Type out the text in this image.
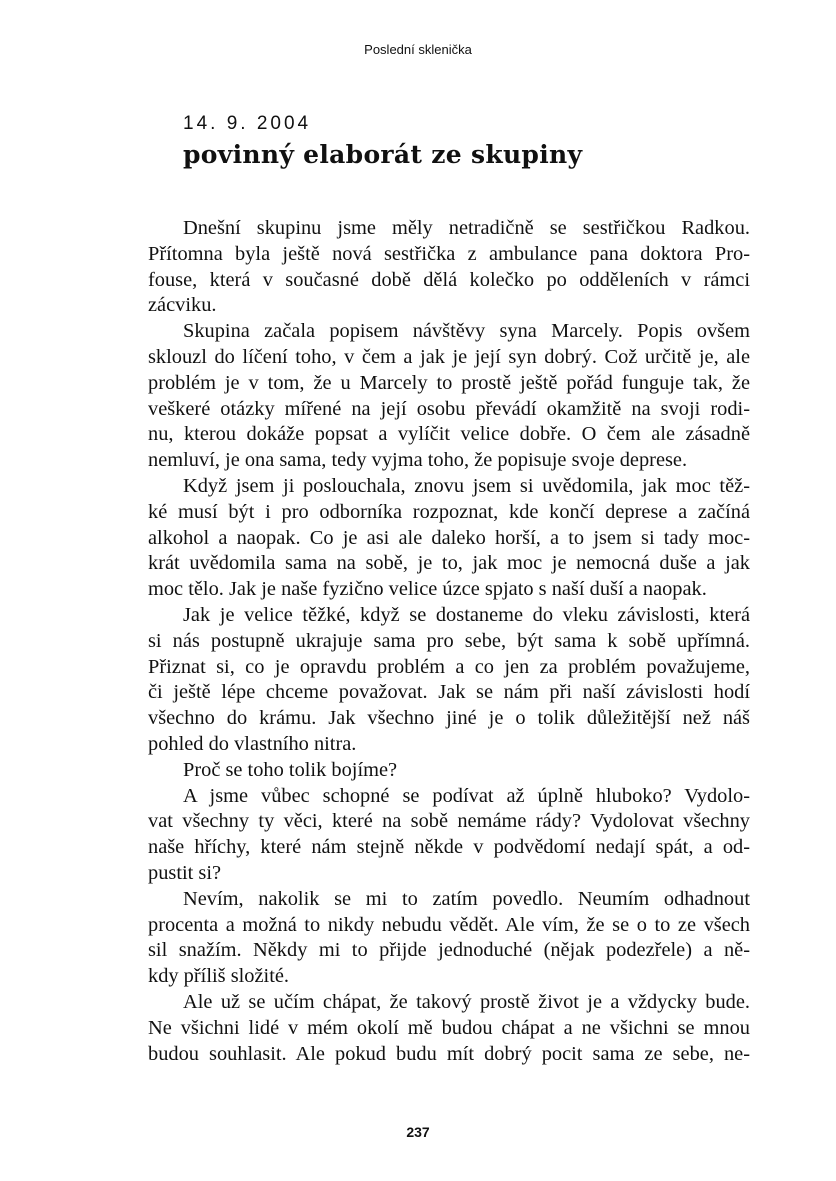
Poslední sklenička
14. 9. 2004
povinný elaborát ze skupiny
Dnešní skupinu jsme měly netradičně se sestřičkou Radkou.
Přítomna byla ještě nová sestřička z ambulance pana doktora Pro-
fouse, která v současné době dělá kolečko po odděleních v rámci
zácviku.
Skupina začala popisem návštěvy syna Marcely. Popis ovšem
sklouzl do líčení toho, v čem a jak je její syn dobrý. Což určitě je, ale
problém je v tom, že u Marcely to prostě ještě pořád funguje tak, že
veškeré otázky mířené na její osobu převádí okamžitě na svoji rodi-
nu, kterou dokáže popsat a vylíčit velice dobře. O čem ale zásadně
nemluví, je ona sama, tedy vyjma toho, že popisuje svoje deprese.
Když jsem ji poslouchala, znovu jsem si uvědomila, jak moc těž-
ké musí být i pro odborníka rozpoznat, kde končí deprese a začíná
alkohol a naopak. Co je asi ale daleko horší, a to jsem si tady moc-
krát uvědomila sama na sobě, je to, jak moc je nemocná duše a jak
moc tělo. Jak je naše fyzično velice úzce spjato s naší duší a naopak.
Jak je velice těžké, když se dostaneme do vleku závislosti, která
si nás postupně ukrajuje sama pro sebe, být sama k sobě upřímná.
Přiznat si, co je opravdu problém a co jen za problém považujeme,
či ještě lépe chceme považovat. Jak se nám při naší závislosti hodí
všechno do krámu. Jak všechno jiné je o tolik důležitější než náš
pohled do vlastního nitra.
Proč se toho tolik bojíme?
A jsme vůbec schopné se podívat až úplně hluboko? Vydolo-
vat všechny ty věci, které na sobě nemáme rády? Vydolovat všechny
naše hříchy, které nám stejně někde v podvědomí nedají spát, a od-
pustit si?
Nevím, nakolik se mi to zatím povedlo. Neumím odhadnout
procenta a možná to nikdy nebudu vědět. Ale vím, že se o to ze všech
sil snažím. Někdy mi to přijde jednoduché (nějak podezřele) a ně-
kdy příliš složité.
Ale už se učím chápat, že takový prostě život je a vždycky bude.
Ne všichni lidé v mém okolí mě budou chápat a ne všichni se mnou
budou souhlasit. Ale pokud budu mít dobrý pocit sama ze sebe, ne-
237
